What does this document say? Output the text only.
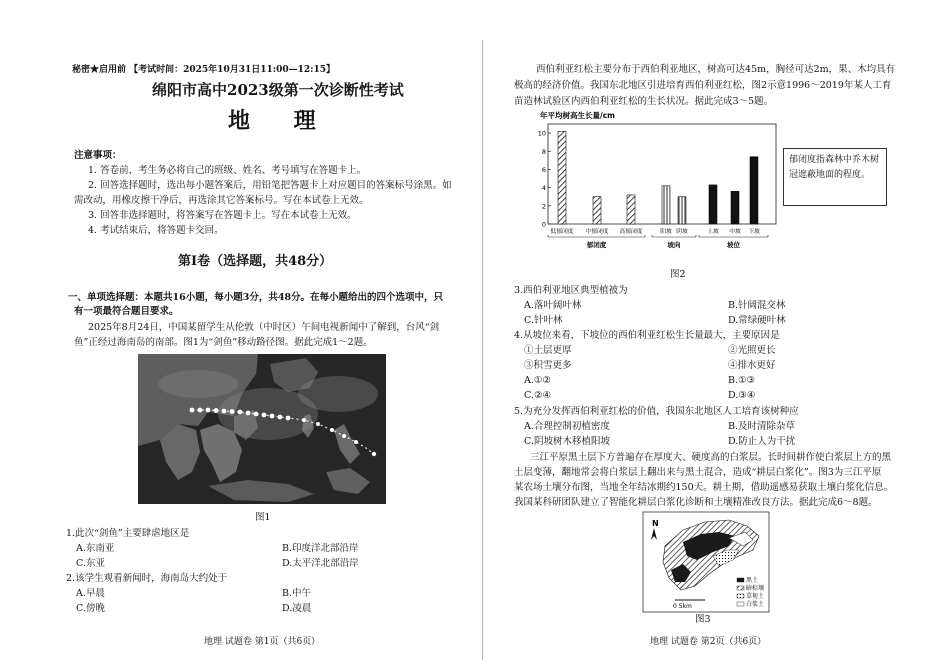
秘密★启用前 【考试时间：2025年10月31日11:00—12:15】
绵阳市高中2023级第一次诊断性考试
地 理
注意事项：
1. 答卷前，考生务必将自己的班级、姓名、考号填写在答题卡上。
2. 回答选择题时，选出每小题答案后，用铅笔把答题卡上对应题目的答案标号涂黑。如
需改动，用橡皮擦干净后，再选涂其它答案标号。写在本试卷上无效。
3. 回答非选择题时，将答案写在答题卡上。写在本试卷上无效。
4. 考试结束后，将答题卡交回。
第Ⅰ卷（选择题，共48分）
一、单项选择题：本题共16小题，每小题3分，共48分。在每小题给出的四个选项中，只
有一项最符合题目要求。
2025年8月24日，中国某留学生从伦敦（中时区）午间电视新闻中了解到，台风“剑
鱼”正经过海南岛的南部。图1为“剑鱼”移动路径图。据此完成1～2题。
图1
1.此次“剑鱼”主要肆虐地区是
A.东南亚	B.印度洋北部沿岸
C.东亚	D.太平洋北部沿岸
2.该学生观看新闻时，海南岛大约处于
A.早晨	B.中午
C.傍晚	D.凌晨
地理 试题卷 第1页（共6页）
西伯利亚红松主要分布于西伯利亚地区，树高可达45m，胸径可达2m，果、木均具有
极高的经济价值。我国东北地区引进培育西伯利亚红松，图2示意1996～2019年某人工育
苗造林试验区内西伯利亚红松的生长状况。据此完成3～5题。
年平均树高生长量/cm
0
2
4
6
8
10
低郁闭度 中郁闭度 高郁闭度	阳坡 阴坡	上坡 中坡 下坡
郁闭度	坡向	坡位
郁闭度指森林中乔木树冠遮蔽地面的程度。
图2
3.西伯利亚地区典型植被为
A.落叶阔叶林	B.针阔混交林
C.针叶林	D.常绿硬叶林
4.从坡位来看，下坡位的西伯利亚红松生长量最大，主要原因是
①土层更厚	②光照更长
③积雪更多	④排水更好
A.①②	B.①③
C.②④	D.③④
5.为充分发挥西伯利亚红松的价值，我国东北地区人工培育该树种应
A.合理控制初植密度	B.及时清除杂草
C.阴坡树木移植阳坡	D.防止人为干扰
三江平原黑土层下方普遍存在厚度大、硬度高的白浆层。长时间耕作使白浆层上方的黑
土层变薄，翻地常会将白浆层上翻出来与黑土混合，造成“耕层白浆化”。图3为三江平原
某农场土壤分布图，当地全年结冰期约150天。耕土期，借助遥感易获取土壤白浆化信息。
我国某科研团队建立了智能化耕层白浆化诊断和土壤精准改良方法。据此完成6～8题。
N
0 5km
黑土
暗棕壤
草甸土
白浆土
图3
地理 试题卷 第2页（共6页）
